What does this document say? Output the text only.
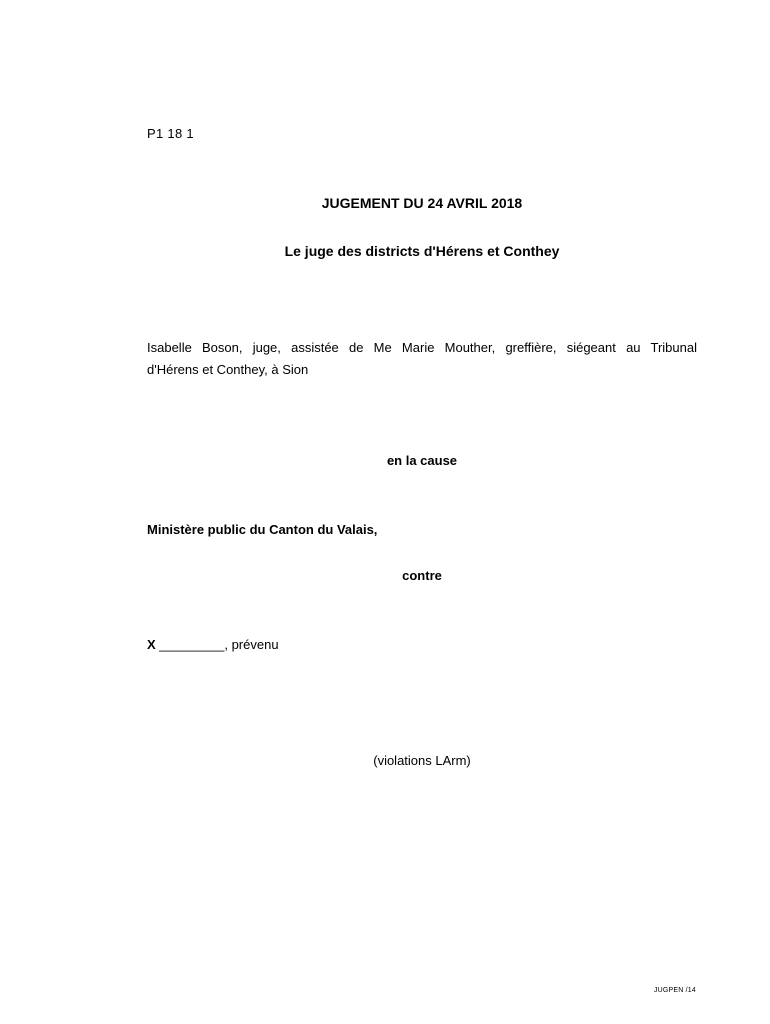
P1 18 1
JUGEMENT DU 24 AVRIL 2018
Le juge des districts d'Hérens et Conthey
Isabelle Boson, juge, assistée de Me Marie Mouther, greffière, siégeant au Tribunal
d'Hérens et Conthey, à Sion
en la cause
Ministère public du Canton du Valais,
contre
X _________, prévenu
(violations LArm)
JUGPEN /14
